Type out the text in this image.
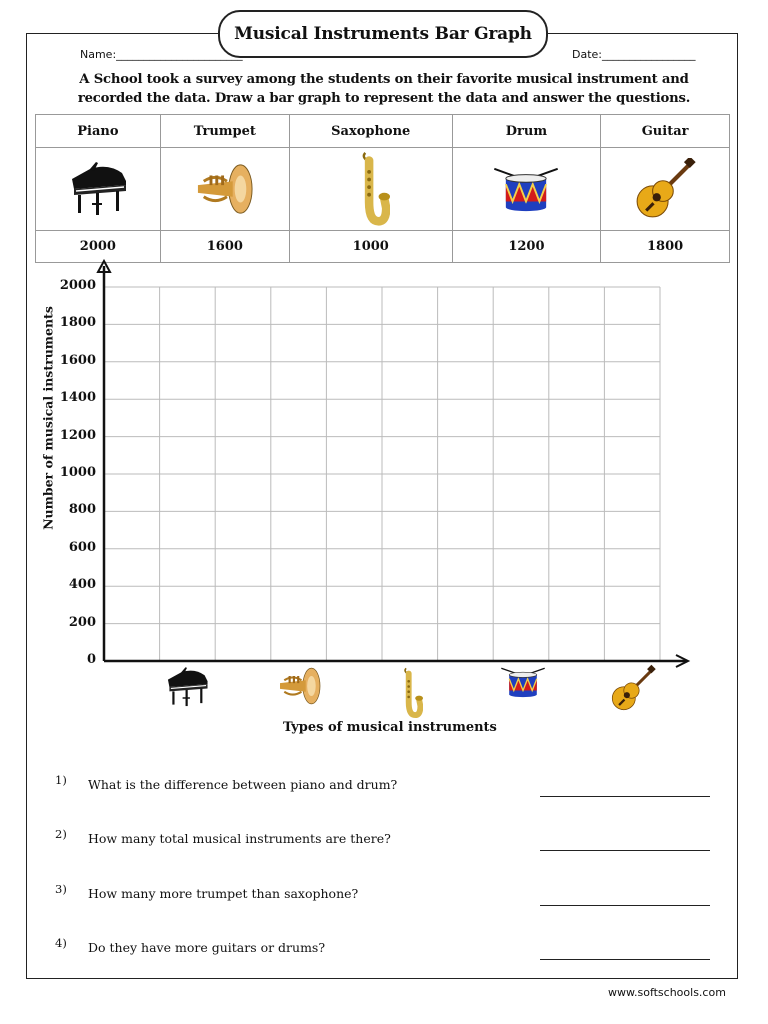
Musical Instruments Bar Graph
Name:_______________________	Date:_________________
A School took a survey among the students on their favorite musical instrument and
recorded the data. Draw a bar graph to represent the data and answer the questions.
Piano	Trumpet	Saxophone	Drum	Guitar

2000	1600	1000	1200	1800
Number of musical instruments
Types of musical instruments
2000
1800
1600
1400
1200
1000
800
600
400
200
0
1) What is the difference between piano and drum?
2) How many total musical instruments are there?
3) How many more trumpet than saxophone?
4) Do they have more guitars or drums?
www.softschools.com
